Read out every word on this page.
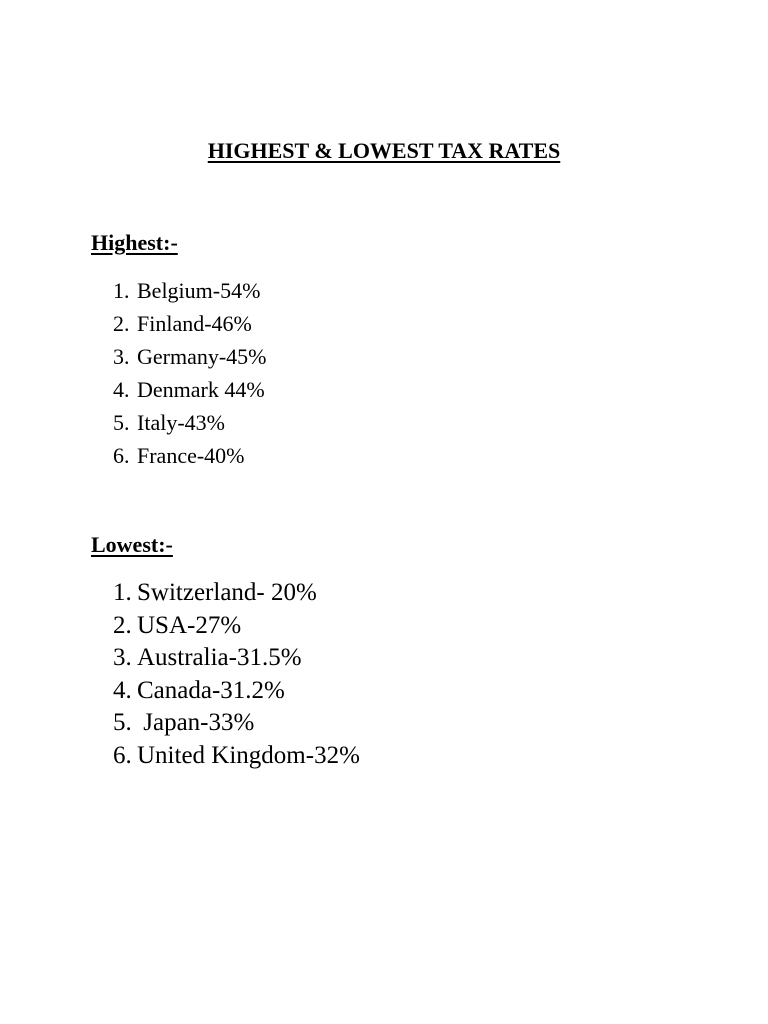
HIGHEST & LOWEST TAX RATES
Highest:-
1. Belgium-54%
2. Finland-46%
3. Germany-45%
4. Denmark 44%
5. Italy-43%
6. France-40%
Lowest:-
1. Switzerland- 20%
2. USA-27%
3. Australia-31.5%
4. Canada-31.2%
5. Japan-33%
6. United Kingdom-32%
